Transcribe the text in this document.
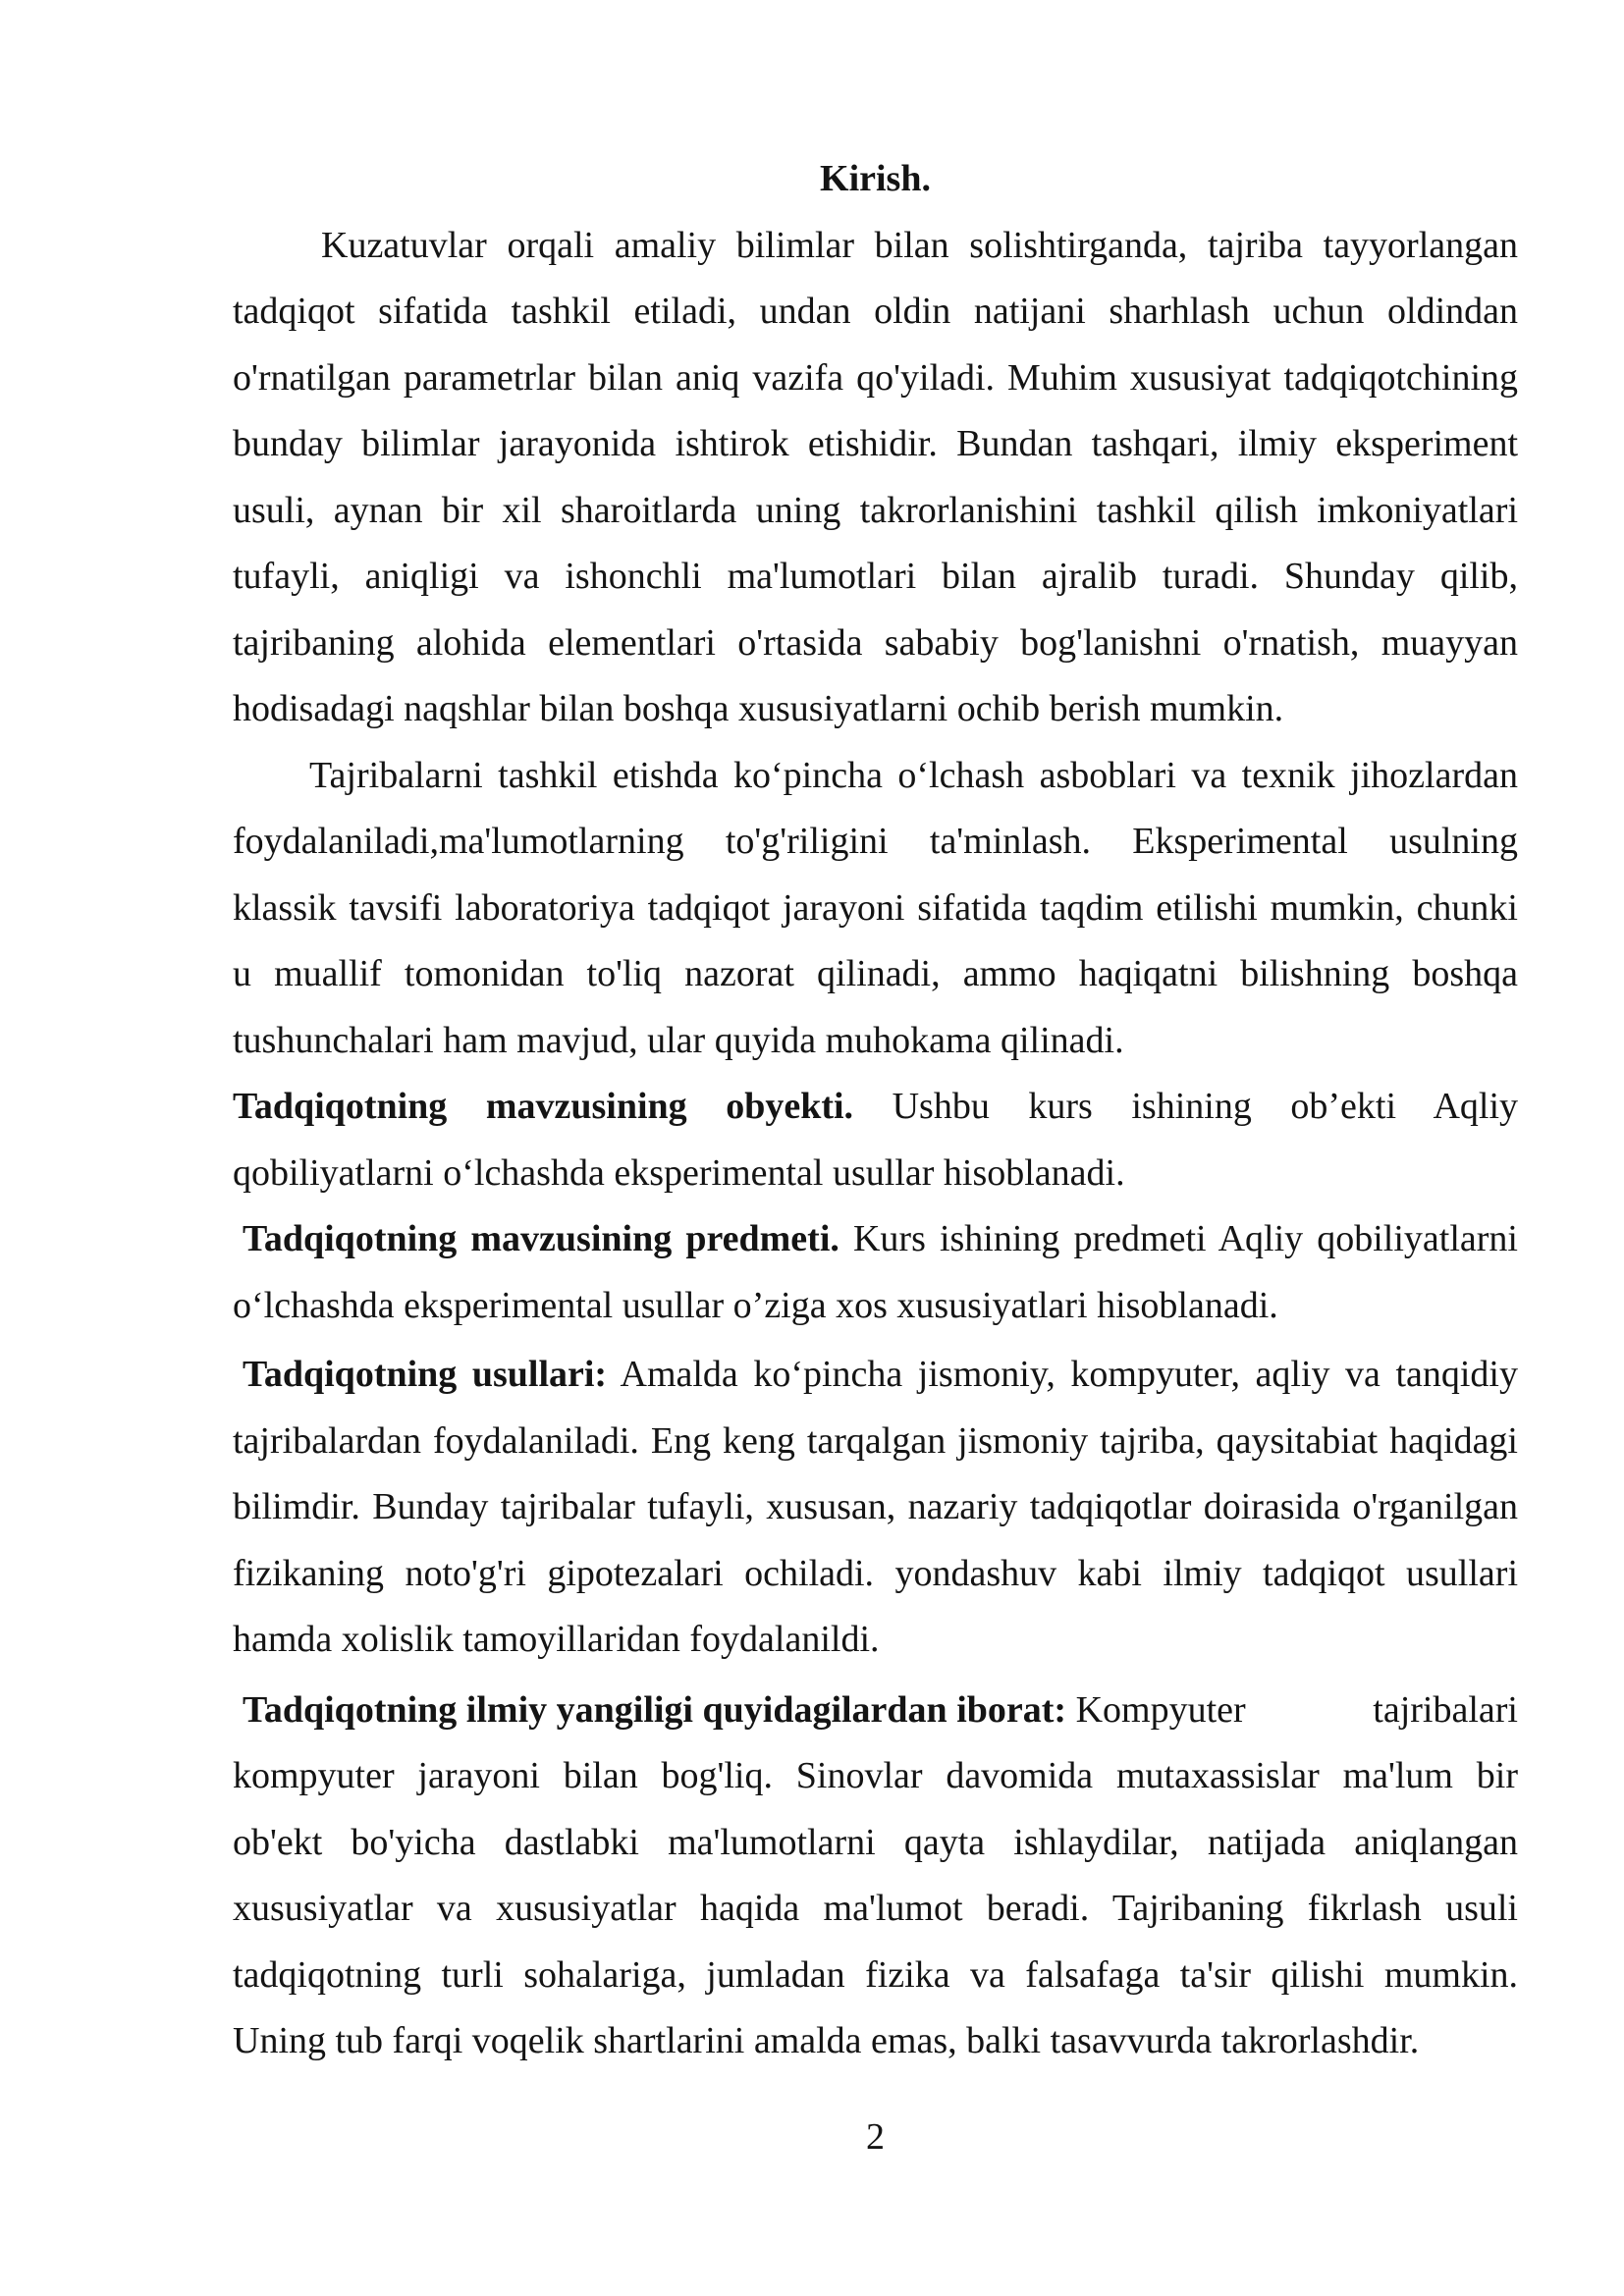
Kirish.
Kuzatuvlar orqali amaliy bilimlar bilan solishtirganda, tajriba tayyorlangan
tadqiqot sifatida tashkil etiladi, undan oldin natijani sharhlash uchun oldindan
o'rnatilgan parametrlar bilan aniq vazifa qo'yiladi. Muhim xususiyat tadqiqotchining
bunday bilimlar jarayonida ishtirok etishidir. Bundan tashqari, ilmiy eksperiment
usuli, aynan bir xil sharoitlarda uning takrorlanishini tashkil qilish imkoniyatlari
tufayli, aniqligi va ishonchli ma'lumotlari bilan ajralib turadi. Shunday qilib,
tajribaning alohida elementlari o'rtasida sababiy bog'lanishni o'rnatish, muayyan
hodisadagi naqshlar bilan boshqa xususiyatlarni ochib berish mumkin.
Tajribalarni tashkil etishda ko‘pincha o‘lchash asboblari va texnik jihozlardan
foydalaniladi,ma'lumotlarning to'g'riligini ta'minlash. Eksperimental usulning
klassik tavsifi laboratoriya tadqiqot jarayoni sifatida taqdim etilishi mumkin, chunki
u muallif tomonidan to'liq nazorat qilinadi, ammo haqiqatni bilishning boshqa
tushunchalari ham mavjud, ular quyida muhokama qilinadi.
Tadqiqotning mavzusining obyekti. Ushbu kurs ishining ob’ekti Aqliy
qobiliyatlarni o‘lchashda eksperimental usullar hisoblanadi.
Tadqiqotning mavzusining predmeti. Kurs ishining predmeti Aqliy qobiliyatlarni
o‘lchashda eksperimental usullar o’ziga xos xususiyatlari hisoblanadi.
Tadqiqotning usullari: Amalda ko‘pincha jismoniy, kompyuter, aqliy va tanqidiy
tajribalardan foydalaniladi. Eng keng tarqalgan jismoniy tajriba, qaysitabiat haqidagi
bilimdir. Bunday tajribalar tufayli, xususan, nazariy tadqiqotlar doirasida o'rganilgan
fizikaning noto'g'ri gipotezalari ochiladi. yondashuv kabi ilmiy tadqiqot usullari
hamda xolislik tamoyillaridan foydalanildi.
tajribalari
Tadqiqotning ilmiy yangiligi quyidagilardan iborat: Kompyuter
kompyuter jarayoni bilan bog'liq. Sinovlar davomida mutaxassislar ma'lum bir
ob'ekt bo'yicha dastlabki ma'lumotlarni qayta ishlaydilar, natijada aniqlangan
xususiyatlar va xususiyatlar haqida ma'lumot beradi. Tajribaning fikrlash usuli
tadqiqotning turli sohalariga, jumladan fizika va falsafaga ta'sir qilishi mumkin.
Uning tub farqi voqelik shartlarini amalda emas, balki tasavvurda takrorlashdir.
2
